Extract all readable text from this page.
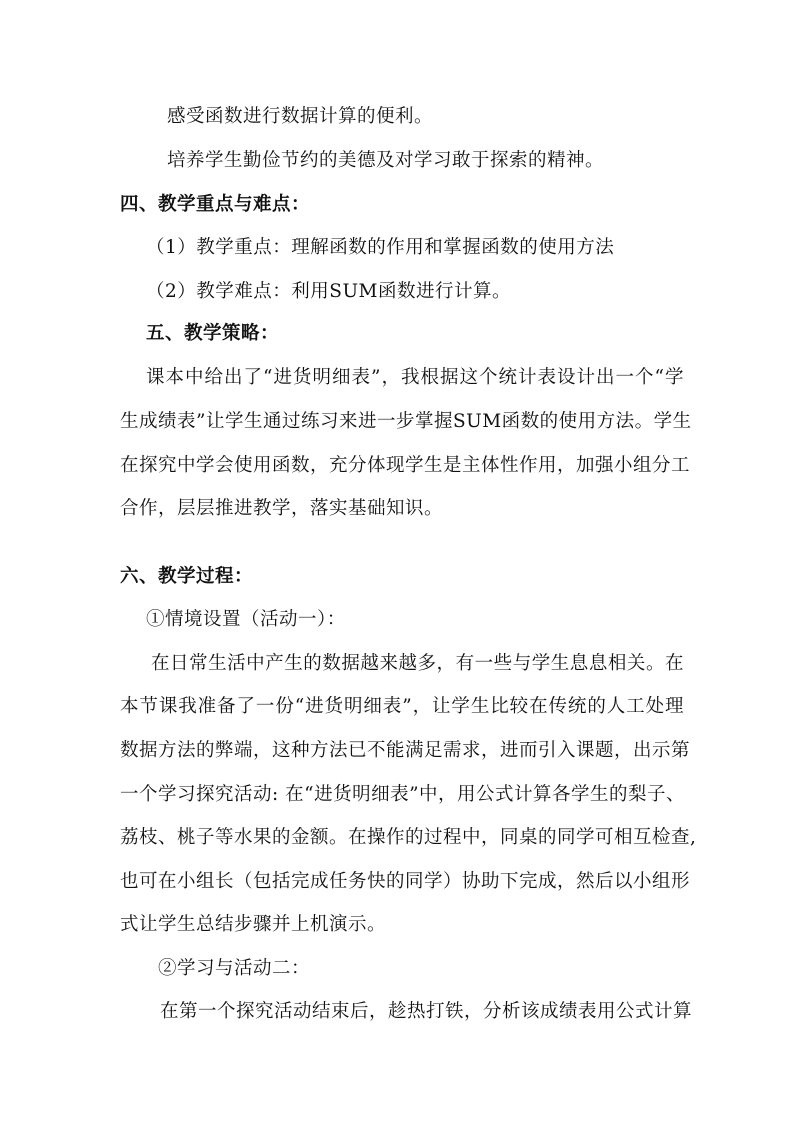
感受函数进行数据计算的便利。
培养学生勤俭节约的美德及对学习敢于探索的精神。
四、教学重点与难点：
（1）教学重点：理解函数的作用和掌握函数的使用方法
（2）教学难点：利用SUM函数进行计算。
五、教学策略：
课本中给出了“进货明细表”，我根据这个统计表设计出一个“学
生成绩表”让学生通过练习来进一步掌握SUM函数的使用方法。学生
在探究中学会使用函数，充分体现学生是主体性作用，加强小组分工
合作，层层推进教学，落实基础知识。
六、教学过程：
①情境设置（活动一）：
在日常生活中产生的数据越来越多，有一些与学生息息相关。在
本节课我准备了一份“进货明细表”，让学生比较在传统的人工处理
数据方法的弊端，这种方法已不能满足需求，进而引入课题，出示第
一个学习探究活动: 在“进货明细表”中，用公式计算各学生的梨子、
荔枝、桃子等水果的金额。在操作的过程中，同桌的同学可相互检查,
也可在小组长（包括完成任务快的同学）协助下完成，然后以小组形
式让学生总结步骤并上机演示。
②学习与活动二：
在第一个探究活动结束后，趁热打铁，分析该成绩表用公式计算
